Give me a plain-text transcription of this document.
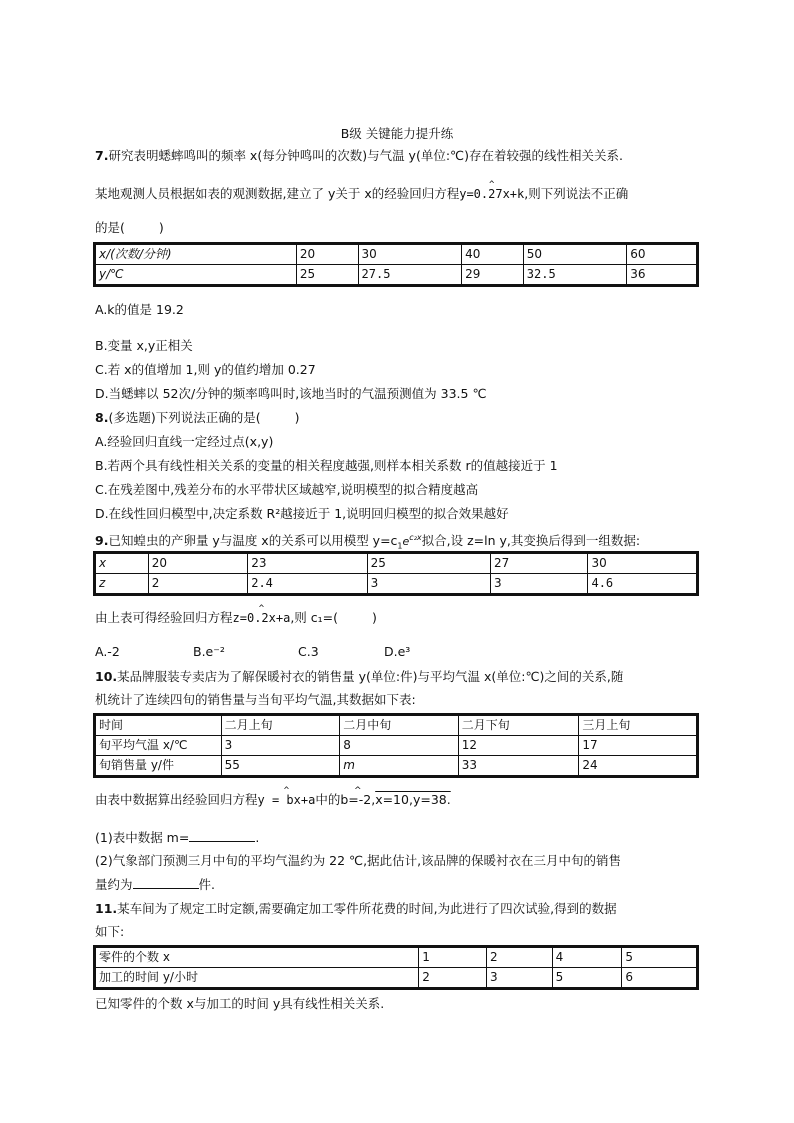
B级 关键能力提升练
7.研究表明蟋蟀鸣叫的频率 x(每分钟鸣叫的次数)与气温 y(单位:℃)存在着较强的线性相关关系.
某地观测人员根据如表的观测数据,建立了 y关于 x的经验回归方程^ y=0.27x+k,则下列说法不正确
的是(	)
x/(次数/分钟)	20	30	40	50	60
y/℃	25	27.5	29	32.5	36
A.k的值是 19.2
B.变量 x,y正相关
C.若 x的值增加 1,则 y的值约增加 0.27
D.当蟋蟀以 52次/分钟的频率鸣叫时,该地当时的气温预测值为 33.5 ℃
8.(多选题)下列说法正确的是(	)
A.经验回归直线一定经过点(x,y)
B.若两个具有线性相关关系的变量的相关程度越强,则样本相关系数 r的值越接近于 1
C.在残差图中,残差分布的水平带状区域越窄,说明模型的拟合精度越高
D.在线性回归模型中,决定系数 R²越接近于 1,说明回归模型的拟合效果越好
9.已知蝗虫的产卵量 y与温度 x的关系可以用模型 $y=c_1e^{c_2x}$拟合,设 z=ln y,其变换后得到一组数据:
x	20	23	25	27	30
z	2	2.4	3	3	4.6
由上表可得经验回归方程^ z=0.2x+a,则 c₁=(	)
A.-2	B.e⁻²	C.3	D.e³
10.某品牌服装专卖店为了解保暖衬衣的销售量 y(单位:件)与平均气温 x(单位:℃)之间的关系,随
机统计了连续四旬的销售量与当旬平均气温,其数据如下表:
时间	二月上旬	二月中旬	二月下旬	三月上旬
旬平均气温 x/℃	3	8	12	17
旬销售量 y/件	55	m	33	24
由表中数据算出经验回归方程^ y = bx+a中的^ b=-2,x=10,y=38.
(1)表中数据 m=	.
(2)气象部门预测三月中旬的平均气温约为 22 ℃,据此估计,该品牌的保暖衬衣在三月中旬的销售
量约为	件.
11.某车间为了规定工时定额,需要确定加工零件所花费的时间,为此进行了四次试验,得到的数据
如下:
零件的个数 x	1	2	4	5
加工的时间 y/小时	2	3	5	6
已知零件的个数 x与加工的时间 y具有线性相关关系.
